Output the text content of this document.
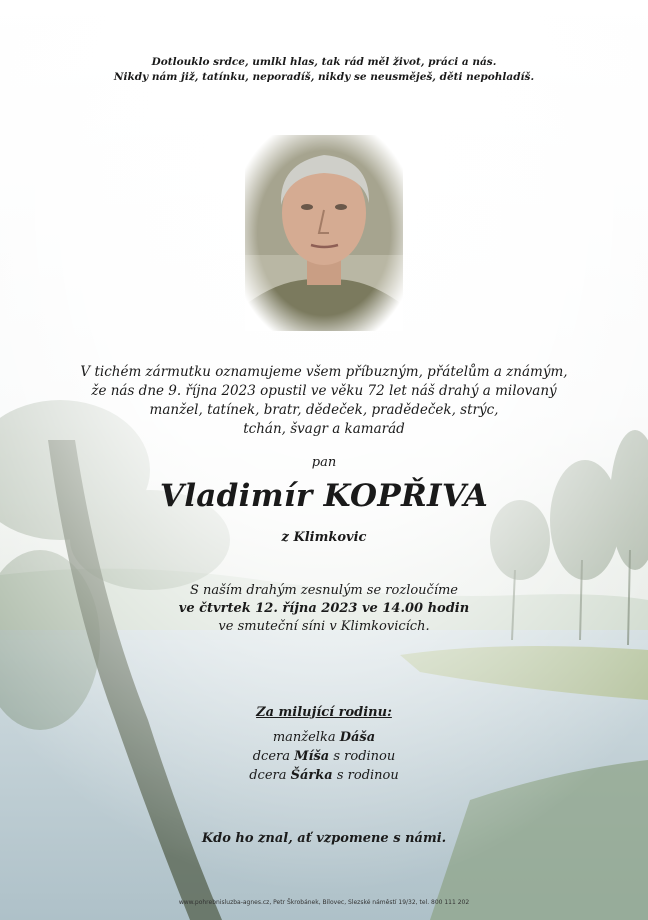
Dotlouklo srdce, umlkl hlas, tak rád měl život, práci a nás.
Nikdy nám již, tatínku, neporadíš, nikdy se neusměješ, děti nepohladíš.
V tichém zármutku oznamujeme všem příbuzným, přátelům a známým,
že nás dne 9. října 2023 opustil ve věku 72 let náš drahý a milovaný
manžel, tatínek, bratr, dědeček, pradědeček, strýc,
tchán, švagr a kamarád
pan
Vladimír KOPŘIVA
z Klimkovic
S naším drahým zesnulým se rozloučíme
ve čtvrtek 12. října 2023 ve 14.00 hodin
ve smuteční síni v Klimkovicích.
Za milující rodinu:
manželka Dáša
dcera Míša s rodinou
dcera Šárka s rodinou
Kdo ho znal, ať vzpomene s námi.
www.pohrebnisluzba-agnes.cz, Petr Škrobánek, Bílovec, Slezské náměstí 19/32, tel. 800 111 202
